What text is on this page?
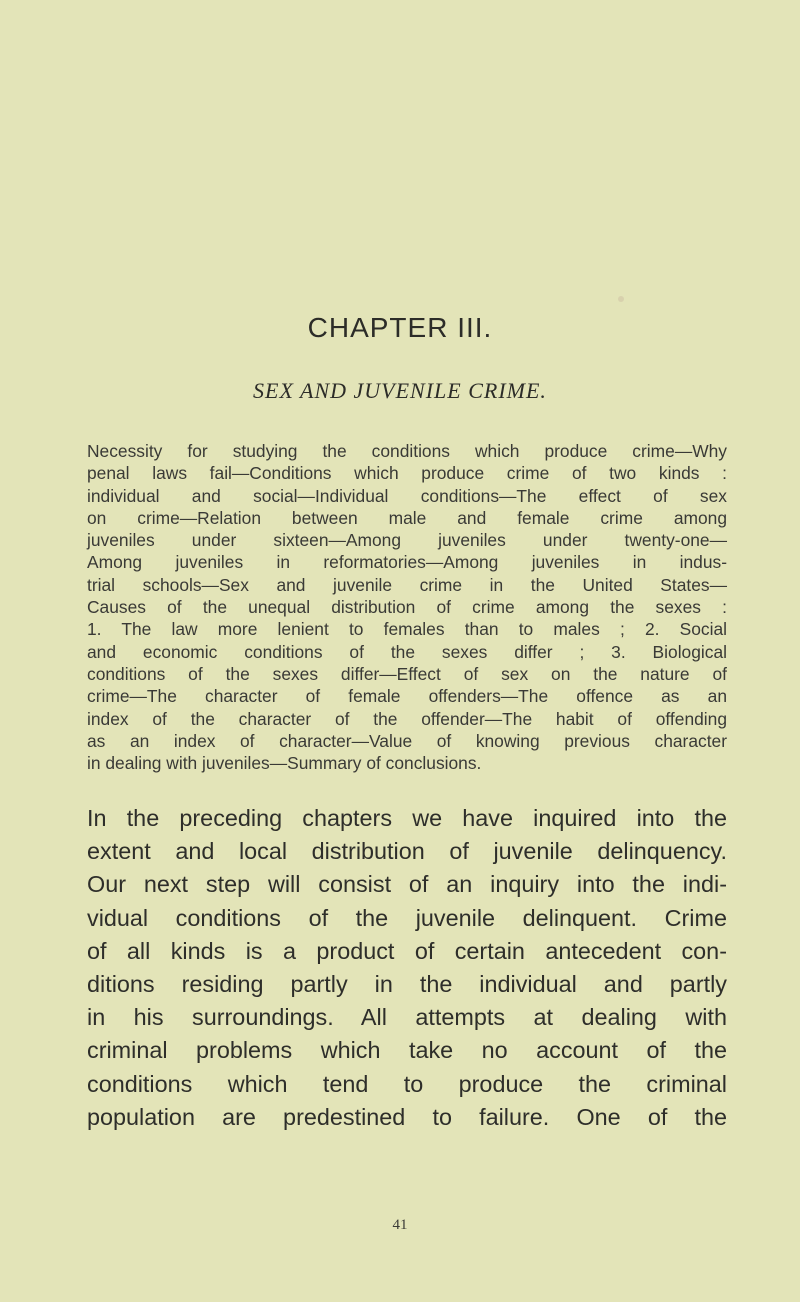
CHAPTER III.
SEX AND JUVENILE CRIME.
Necessity for studying the conditions which produce crime—Why
penal laws fail—Conditions which produce crime of two kinds :
individual and social—Individual conditions—The effect of sex
on crime—Relation between male and female crime among
juveniles under sixteen—Among juveniles under twenty-one—
Among juveniles in reformatories—Among juveniles in indus-
trial schools—Sex and juvenile crime in the United States—
Causes of the unequal distribution of crime among the sexes :
1. The law more lenient to females than to males ; 2. Social
and economic conditions of the sexes differ ; 3. Biological
conditions of the sexes differ—Effect of sex on the nature of
crime—The character of female offenders—The offence as an
index of the character of the offender—The habit of offending
as an index of character—Value of knowing previous character
in dealing with juveniles—Summary of conclusions.
In the preceding chapters we have inquired into the
extent and local distribution of juvenile delinquency.
Our next step will consist of an inquiry into the indi-
vidual conditions of the juvenile delinquent. Crime
of all kinds is a product of certain antecedent con-
ditions residing partly in the individual and partly
in his surroundings. All attempts at dealing with
criminal problems which take no account of the
conditions which tend to produce the criminal
population are predestined to failure. One of the
41
